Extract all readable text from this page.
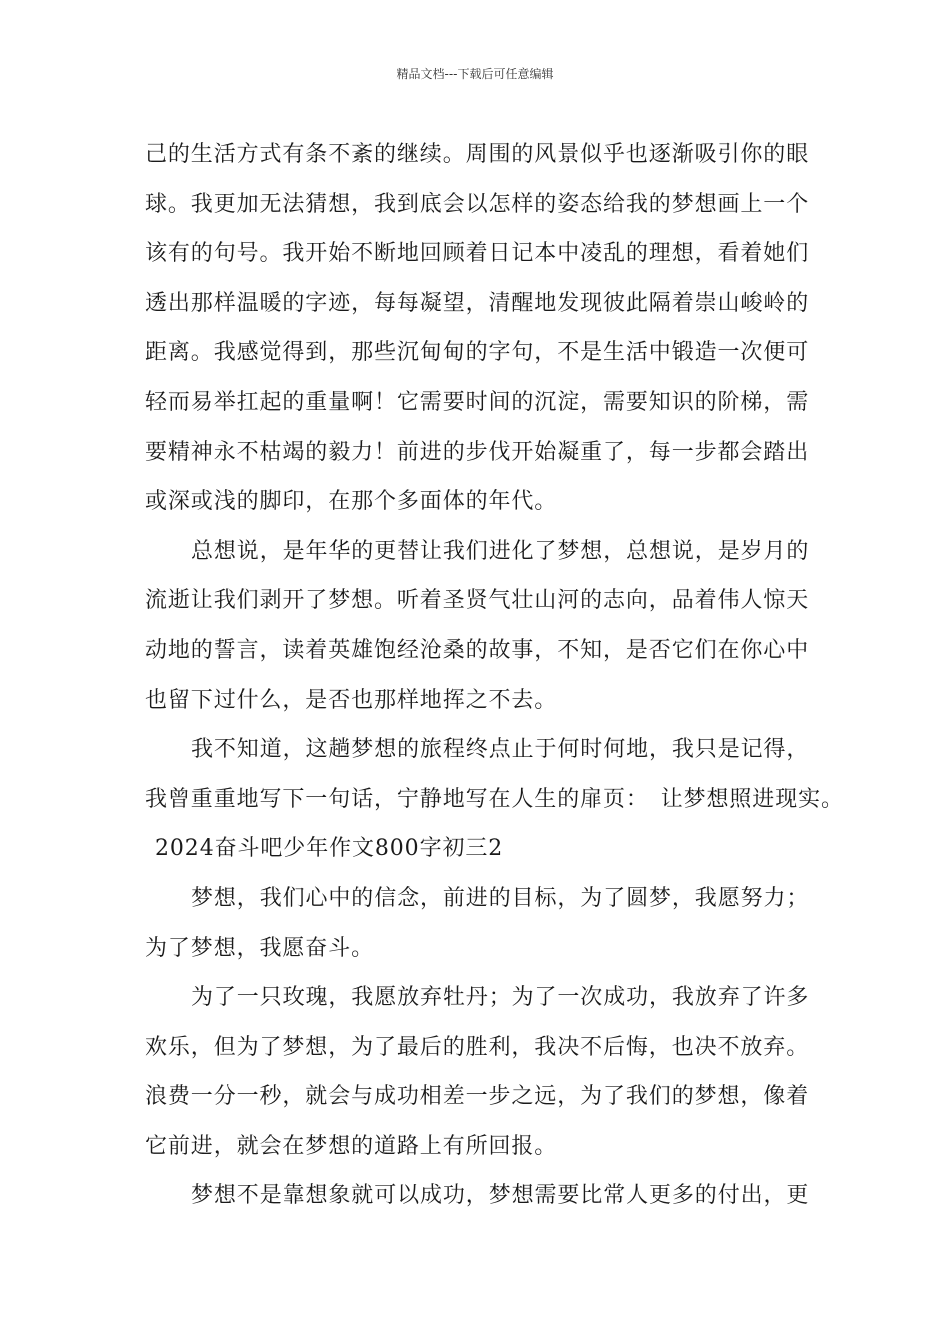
精品文档---下载后可任意编辑
己的生活方式有条不紊的继续。周围的风景似乎也逐渐吸引你的眼
球。我更加无法猜想，我到底会以怎样的姿态给我的梦想画上一个
该有的句号。我开始不断地回顾着日记本中凌乱的理想，看着她们
透出那样温暖的字迹，每每凝望，清醒地发现彼此隔着崇山峻岭的
距离。我感觉得到，那些沉甸甸的字句，不是生活中锻造一次便可
轻而易举扛起的重量啊！它需要时间的沉淀，需要知识的阶梯，需
要精神永不枯竭的毅力！前进的步伐开始凝重了，每一步都会踏出
或深或浅的脚印，在那个多面体的年代。
总想说，是年华的更替让我们进化了梦想，总想说，是岁月的
流逝让我们剥开了梦想。听着圣贤气壮山河的志向，品着伟人惊天
动地的誓言，读着英雄饱经沧桑的故事，不知，是否它们在你心中
也留下过什么，是否也那样地挥之不去。
我不知道，这趟梦想的旅程终点止于何时何地，我只是记得，
我曾重重地写下一句话，宁静地写在人生的扉页：　让梦想照进现实。
2024奋斗吧少年作文800字初三2
梦想，我们心中的信念，前进的目标，为了圆梦，我愿努力；
为了梦想，我愿奋斗。
为了一只玫瑰，我愿放弃牡丹；为了一次成功，我放弃了许多
欢乐，但为了梦想，为了最后的胜利，我决不后悔，也决不放弃。
浪费一分一秒，就会与成功相差一步之远，为了我们的梦想，像着
它前进，就会在梦想的道路上有所回报。
梦想不是靠想象就可以成功，梦想需要比常人更多的付出，更
